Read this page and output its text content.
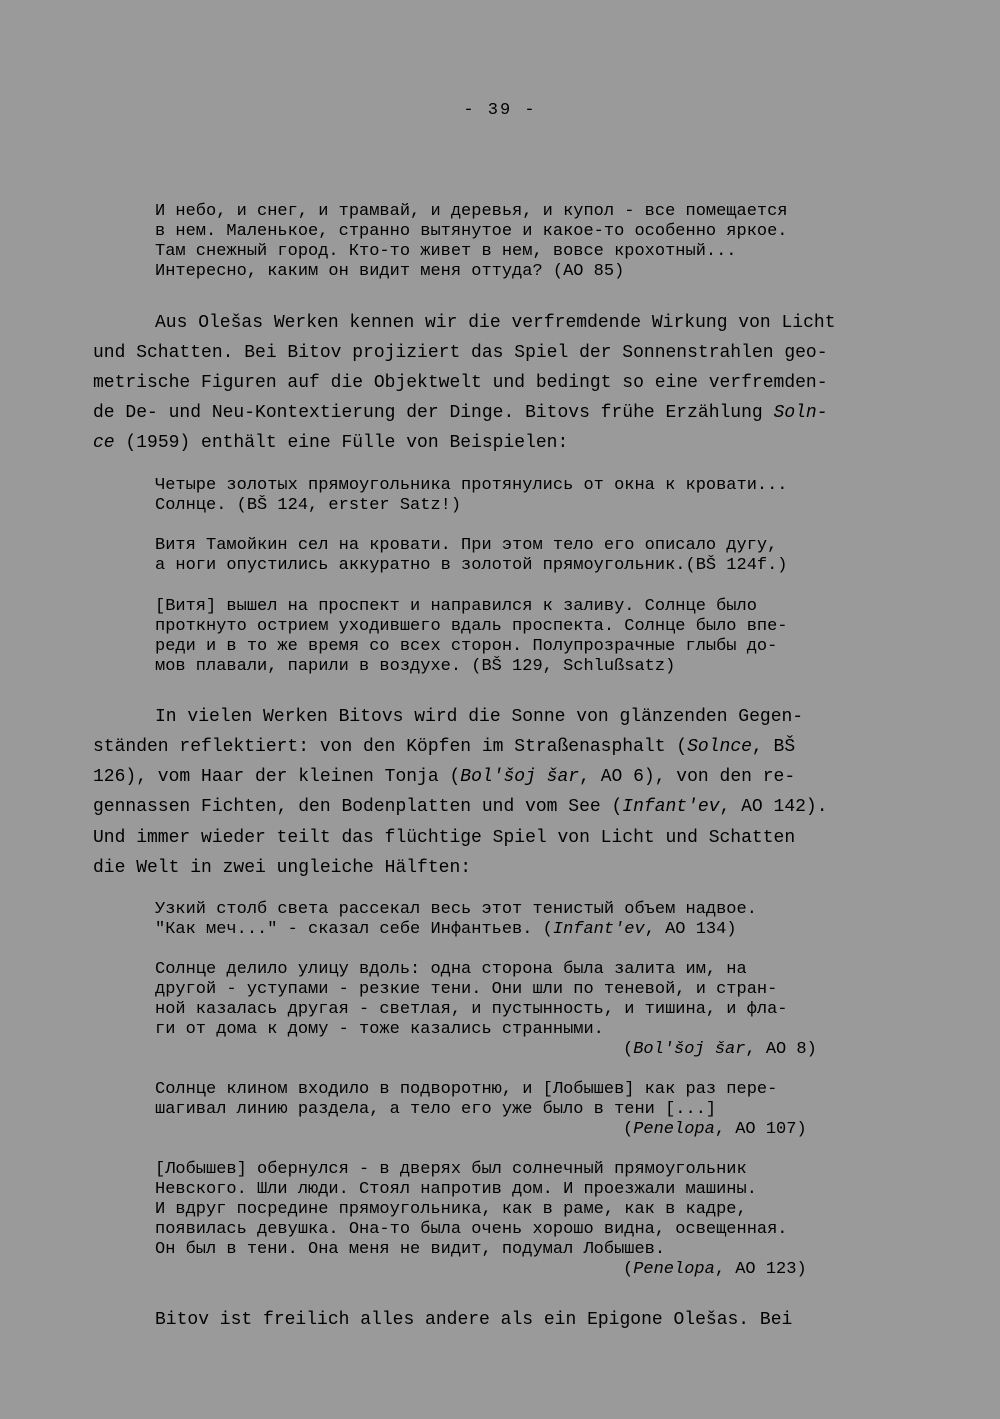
- 39 -
И небо, и снег, и трамвай, и деревья, и купол - все помещается
в нем. Маленькое, странно вытянутое и какое-то особенно яркое.
Там снежный город. Кто-то живет в нем, вовсе крохотный...
Интересно, каким он видит меня оттуда? (AO 85)
Aus Olešas Werken kennen wir die verfremdende Wirkung von Licht
und Schatten. Bei Bitov projiziert das Spiel der Sonnenstrahlen geo-
metrische Figuren auf die Objektwelt und bedingt so eine verfremden-
de De- und Neu-Kontextierung der Dinge. Bitovs frühe Erzählung Soln-
ce (1959) enthält eine Fülle von Beispielen:
Четыре золотых прямоугольника протянулись от окна к кровати...
Солнце. (BŠ 124, erster Satz!)
Витя Тамойкин сел на кровати. При этом тело его описало дугу,
а ноги опустились аккуратно в золотой прямоугольник.(BŠ 124f.)
[Витя] вышел на проспект и направился к заливу. Солнце было
проткнуто острием уходившего вдаль проспекта. Солнце было впе-
реди и в то же время со всех сторон. Полупрозрачные глыбы до-
мов плавали, парили в воздухе. (BŠ 129, Schlußsatz)
In vielen Werken Bitovs wird die Sonne von glänzenden Gegen-
ständen reflektiert: von den Köpfen im Straßenasphalt (Solnce, BŠ
126), vom Haar der kleinen Tonja (Bol'šoj šar, AO 6), von den re-
gennassen Fichten, den Bodenplatten und vom See (Infant'ev, AO 142).
Und immer wieder teilt das flüchtige Spiel von Licht und Schatten
die Welt in zwei ungleiche Hälften:
Узкий столб света рассекал весь этот тенистый объем надвое.
"Как меч..." - сказал себе Инфантьев. (Infant'ev, AO 134)
Солнце делило улицу вдоль: одна сторона была залита им, на
другой - уступами - резкие тени. Они шли по теневой, и стран-
ной казалась другая - светлая, и пустынность, и тишина, и фла-
ги от дома к дому - тоже казались странными.
(Bol'šoj šar, AO 8)
Солнце клином входило в подворотню, и [Лобышев] как раз пере-
шагивал линию раздела, а тело его уже было в тени [...]
(Penelopa, AO 107)
[Лобышев] обернулся - в дверях был солнечный прямоугольник
Невского. Шли люди. Стоял напротив дом. И проезжали машины.
И вдруг посредине прямоугольника, как в раме, как в кадре,
появилась девушка. Она-то была очень хорошо видна, освещенная.
Он был в тени. Она меня не видит, подумал Лобышев.
(Penelopa, AO 123)
Bitov ist freilich alles andere als ein Epigone Olešas. Bei
